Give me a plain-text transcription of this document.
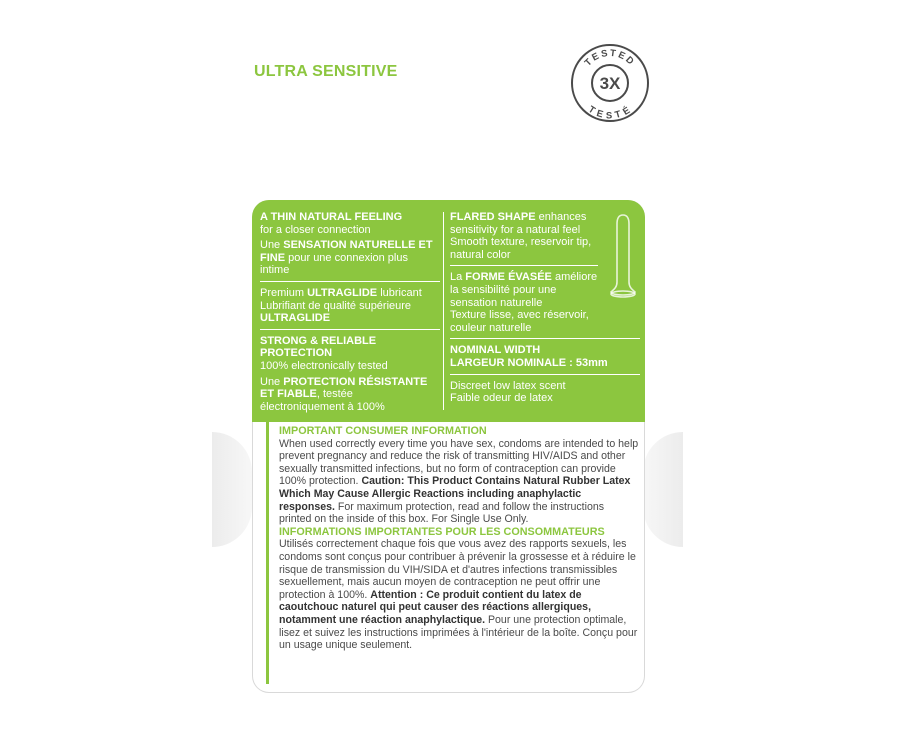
ULTRA SENSITIVE
TESTED
TESTÉ
3X
A THIN NATURAL FEELING
for a closer connection
Une SENSATION NATURELLE ET FINE pour une connexion plus intime
Premium ULTRAGLIDE lubricant
Lubrifiant de qualité supérieure ULTRAGLIDE
STRONG & RELIABLE PROTECTION
100% electronically tested
Une PROTECTION RÉSISTANTE ET FIABLE, testée électroniquement à 100%
FLARED SHAPE enhances sensitivity for a natural feel
Smooth texture, reservoir tip, natural color
La FORME ÉVASÉE améliore la sensibilité pour une sensation naturelle
Texture lisse, avec réservoir, couleur naturelle
NOMINAL WIDTH
LARGEUR NOMINALE : 53mm
Discreet low latex scent
Faible odeur de latex

IMPORTANT CONSUMER INFORMATION

When used correctly every time you have sex, condoms are intended to help prevent pregnancy and reduce the risk of transmitting HIV/AIDS and other sexually transmitted infections, but no form of contraception can provide 100% protection. Caution: This Product Contains Natural Rubber Latex Which May Cause Allergic Reactions including anaphylactic responses. For maximum protection, read and follow the instructions printed on the inside of this box. For Single Use Only.

INFORMATIONS IMPORTANTES POUR LES CONSOMMATEURS

Utilisés correctement chaque fois que vous avez des rapports sexuels, les condoms sont conçus pour contribuer à prévenir la grossesse et à réduire le risque de transmission du VIH/SIDA et d'autres infections transmissibles sexuellement, mais aucun moyen de contraception ne peut offrir une protection à 100%. Attention : Ce produit contient du latex de caoutchouc naturel qui peut causer des réactions allergiques, notamment une réaction anaphylactique. Pour une protection optimale, lisez et suivez les instructions imprimées à l'intérieur de la boîte. Conçu pour un usage unique seulement.
